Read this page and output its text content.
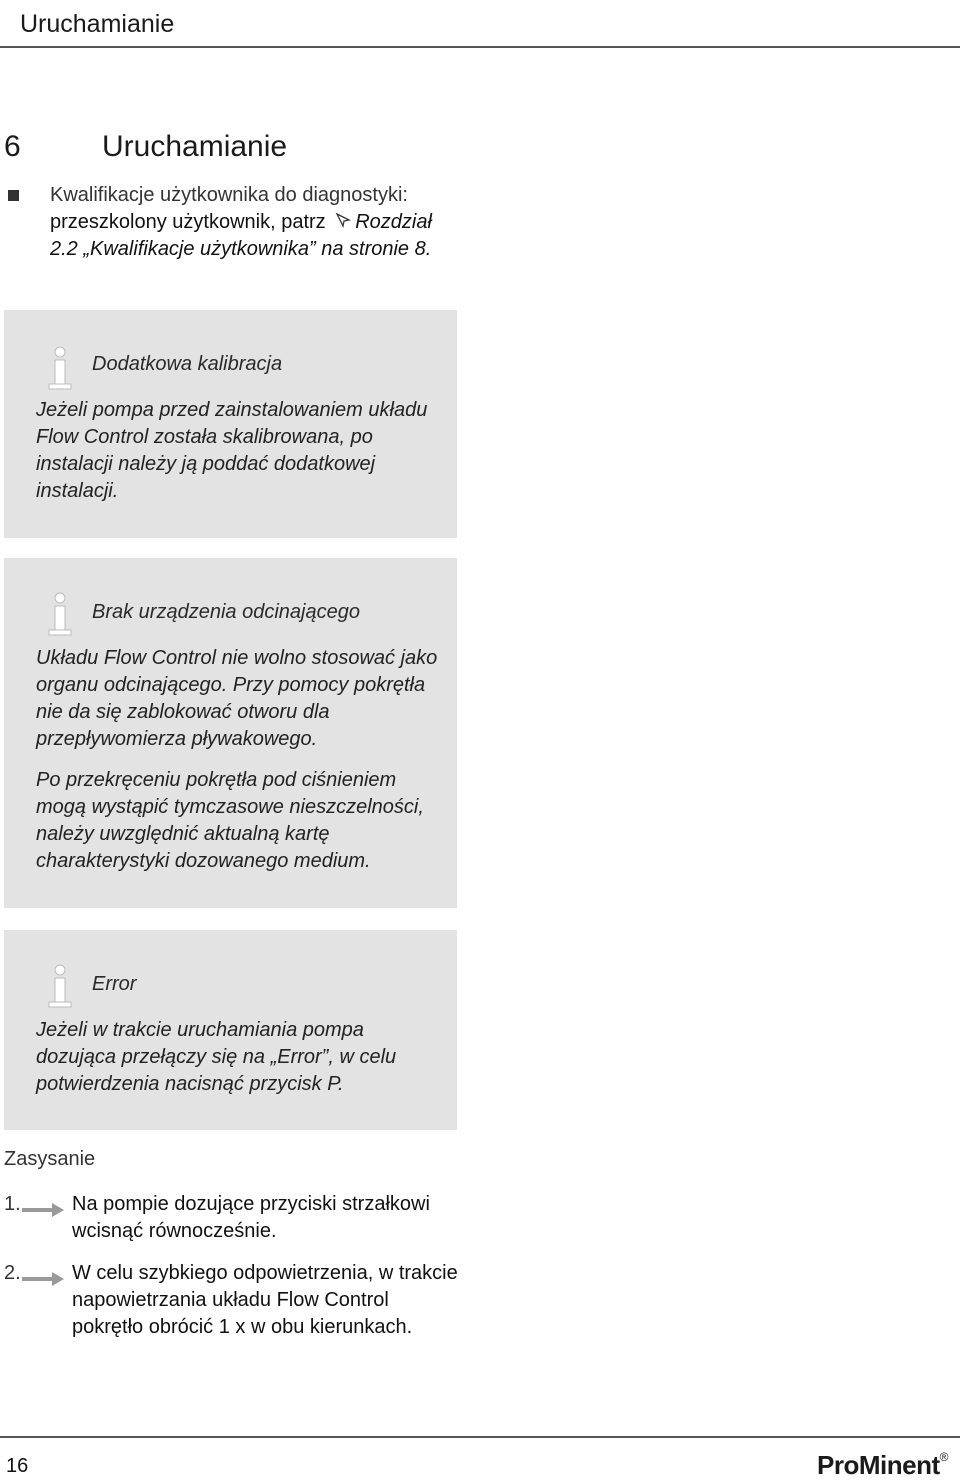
Uruchamianie
6	Uruchamianie
Kwalifikacje użytkownika do diagnostyki:
przeszkolony użytkownik, patrz Rozdział 2.2 „Kwalifikacje użytkownika” na stronie 8.
Dodatkowa kalibracja
Jeżeli pompa przed zainstalowaniem układu Flow Control została skalibrowana, po instalacji należy ją poddać dodatkowej instalacji.
Brak urządzenia odcinającego
Układu Flow Control nie wolno stosować jako organu odcinającego. Przy pomocy pokrętła nie da się zablokować otworu dla przepływomierza pływakowego.
Po przekręceniu pokrętła pod ciśnieniem mogą wystąpić tymczasowe nieszczelności, należy uwzględnić aktualną kartę charakterystyki dozowanego medium.
Error
Jeżeli w trakcie uruchamiania pompa dozująca przełączy się na „Error”, w celu potwierdzenia nacisnąć przycisk P.
Zasysanie
1.	Na pompie dozujące przyciski strzałkowi wcisnąć równocześnie.
2.	W celu szybkiego odpowietrzenia, w trakcie napowietrzania układu Flow Control pokrętło obrócić 1 x w obu kierunkach.
16	ProMinent®
